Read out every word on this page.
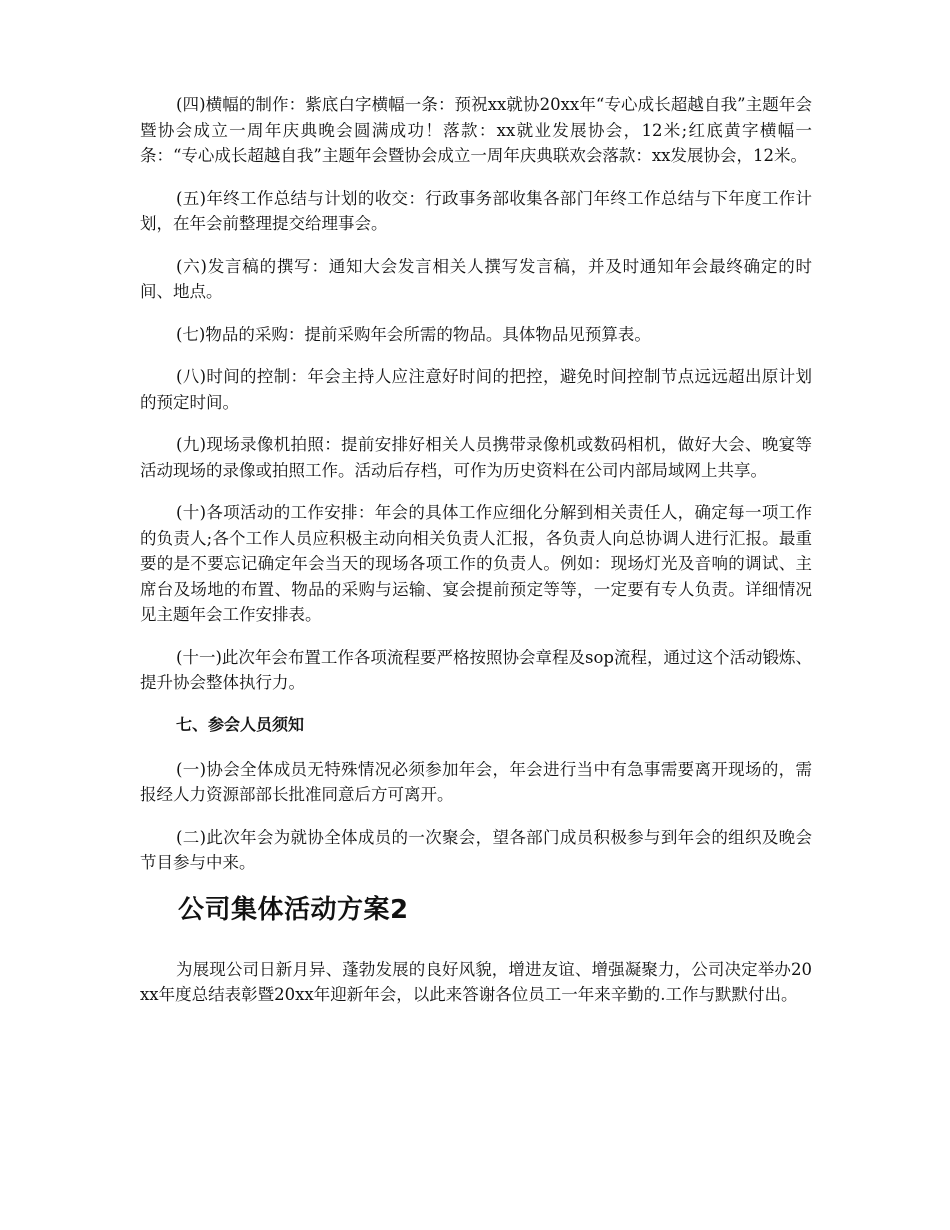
(四)横幅的制作：紫底白字横幅一条：预祝xx就协20xx年“专心成长超越自我”主题年会暨协会成立一周年庆典晚会圆满成功！落款：xx就业发展协会，12米;红底黄字横幅一条：“专心成长超越自我”主题年会暨协会成立一周年庆典联欢会落款：xx发展协会，12米。

(五)年终工作总结与计划的收交：行政事务部收集各部门年终工作总结与下年度工作计划，在年会前整理提交给理事会。

(六)发言稿的撰写：通知大会发言相关人撰写发言稿，并及时通知年会最终确定的时间、地点。

(七)物品的采购：提前采购年会所需的物品。具体物品见预算表。

(八)时间的控制：年会主持人应注意好时间的把控，避免时间控制节点远远超出原计划的预定时间。

(九)现场录像机拍照：提前安排好相关人员携带录像机或数码相机，做好大会、晚宴等活动现场的录像或拍照工作。活动后存档，可作为历史资料在公司内部局域网上共享。

(十)各项活动的工作安排：年会的具体工作应细化分解到相关责任人，确定每一项工作的负责人;各个工作人员应积极主动向相关负责人汇报，各负责人向总协调人进行汇报。最重要的是不要忘记确定年会当天的现场各项工作的负责人。例如：现场灯光及音响的调试、主席台及场地的布置、物品的采购与运输、宴会提前预定等等，一定要有专人负责。详细情况见主题年会工作安排表。

(十一)此次年会布置工作各项流程要严格按照协会章程及sop流程，通过这个活动锻炼、提升协会整体执行力。

七、参会人员须知

(一)协会全体成员无特殊情况必须参加年会，年会进行当中有急事需要离开现场的，需报经人力资源部部长批准同意后方可离开。

(二)此次年会为就协全体成员的一次聚会，望各部门成员积极参与到年会的组织及晚会节目参与中来。

公司集体活动方案2

为展现公司日新月异、蓬勃发展的良好风貌，增进友谊、增强凝聚力，公司决定举办20xx年度总结表彰暨20xx年迎新年会，以此来答谢各位员工一年来辛勤的.工作与默默付出。
